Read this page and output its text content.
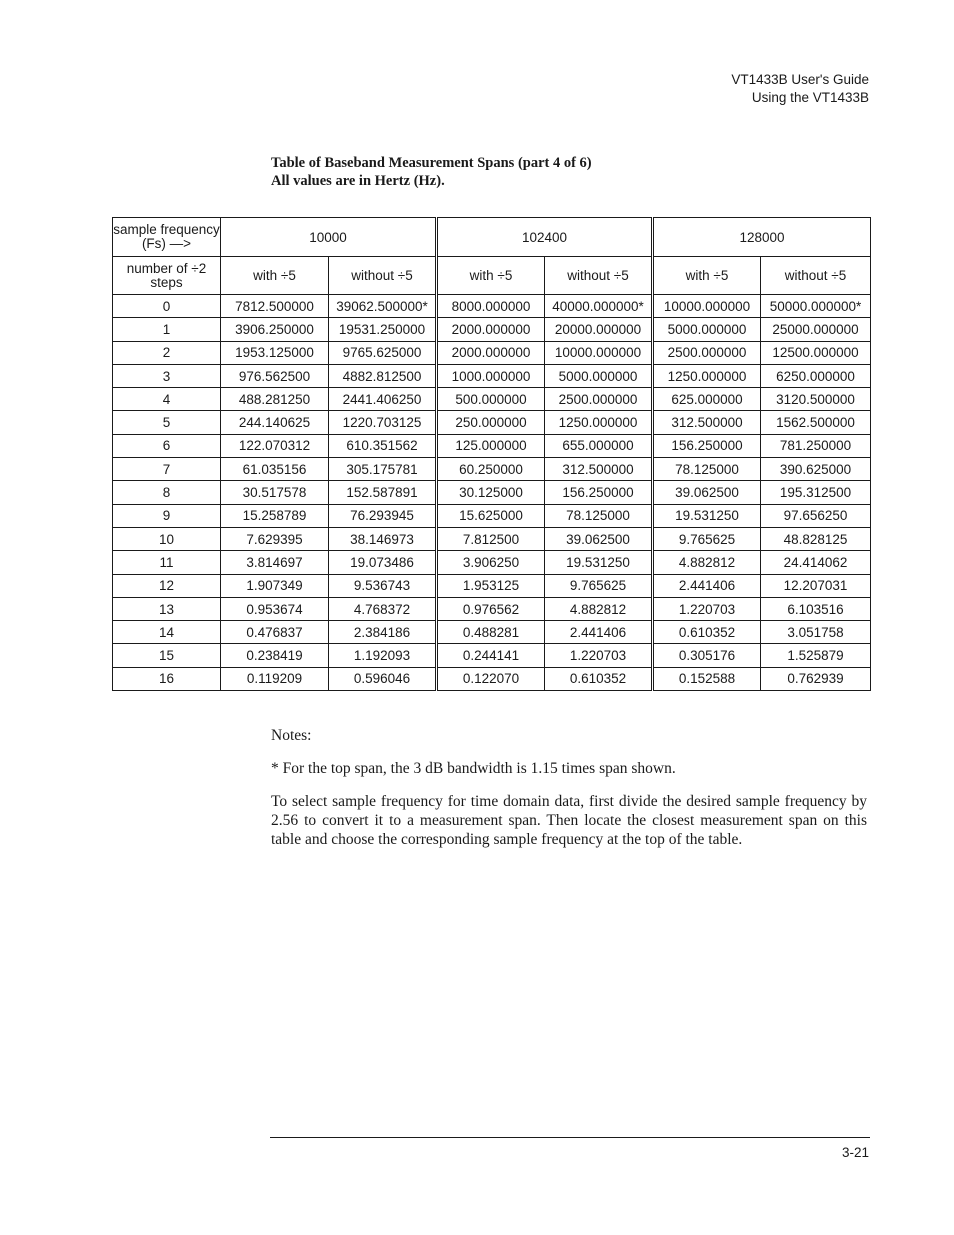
VT1433B User's Guide
Using the VT1433B
Table of Baseband Measurement Spans (part 4 of 6)
All values are in Hertz (Hz).
sample frequency (Fs) —>	10000		102400		128000	
number of ÷2 steps	with ÷5	without ÷5	with ÷5	without ÷5	with ÷5	without ÷5
0	7812.500000	39062.500000*	8000.000000	40000.000000*	10000.000000	50000.000000*
1	3906.250000	19531.250000	2000.000000	20000.000000	5000.000000	25000.000000
2	1953.125000	9765.625000	2000.000000	10000.000000	2500.000000	12500.000000
3	976.562500	4882.812500	1000.000000	5000.000000	1250.000000	6250.000000
4	488.281250	2441.406250	500.000000	2500.000000	625.000000	3120.500000
5	244.140625	1220.703125	250.000000	1250.000000	312.500000	1562.500000
6	122.070312	610.351562	125.000000	655.000000	156.250000	781.250000
7	61.035156	305.175781	60.250000	312.500000	78.125000	390.625000
8	30.517578	152.587891	30.125000	156.250000	39.062500	195.312500
9	15.258789	76.293945	15.625000	78.125000	19.531250	97.656250
10	7.629395	38.146973	7.812500	39.062500	9.765625	48.828125
11	3.814697	19.073486	3.906250	19.531250	4.882812	24.414062
12	1.907349	9.536743	1.953125	9.765625	2.441406	12.207031
13	0.953674	4.768372	0.976562	4.882812	1.220703	6.103516
14	0.476837	2.384186	0.488281	2.441406	0.610352	3.051758
15	0.238419	1.192093	0.244141	1.220703	0.305176	1.525879
16	0.119209	0.596046	0.122070	0.610352	0.152588	0.762939

Notes:

* For the top span, the 3 dB bandwidth is 1.15 times span shown.

To select sample frequency for time domain data, first divide the desired sample frequency by 2.56 to convert it to a measurement span. Then locate the closest measurement span on this table and choose the corresponding sample frequency at the top of the table.

3-21
